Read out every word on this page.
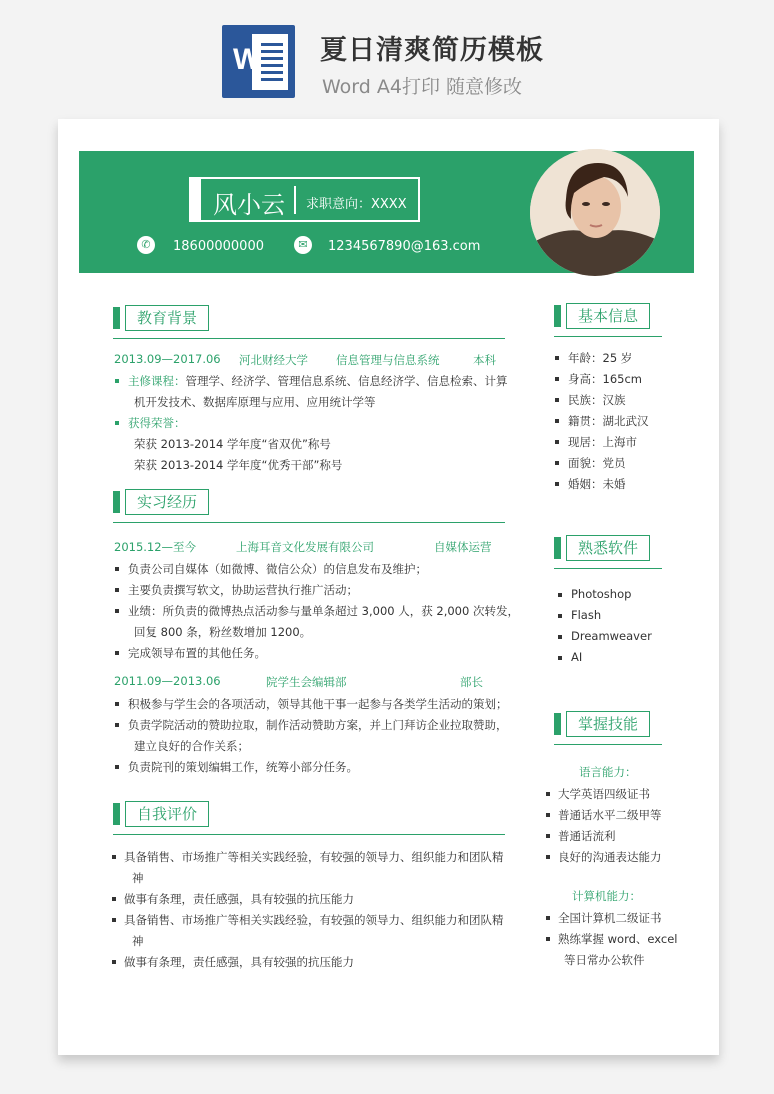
W 夏日清爽简历模板
Word A4打印 随意修改
风小云 求职意向：XXXX
✆	18600000000	✉	1234567890@163.com
教育背景
2013.09—2017.06 河北财经大学 信息管理与信息系统	本科
主修课程：管理学、经济学、管理信息系统、信息经济学、信息检索、计算
机开发技术、数据库原理与应用、应用统计学等
获得荣誉：
荣获 2013-2014 学年度“省双优”称号
荣获 2013-2014 学年度“优秀干部”称号
实习经历
2015.12—至今	上海耳音文化发展有限公司	自媒体运营
负责公司自媒体（如微博、微信公众）的信息发布及维护；
主要负责撰写软文，协助运营执行推广活动；
业绩：所负责的微博热点活动参与量单条超过 3,000 人，获 2,000 次转发，
回复 800 条，粉丝数增加 1200。
完成领导布置的其他任务。
2011.09—2013.06	院学生会编辑部	部长
积极参与学生会的各项活动，领导其他干事一起参与各类学生活动的策划；
负责学院活动的赞助拉取，制作活动赞助方案，并上门拜访企业拉取赞助，
建立良好的合作关系；
负责院刊的策划编辑工作，统筹小部分任务。
自我评价
具备销售、市场推广等相关实践经验，有较强的领导力、组织能力和团队精
神
做事有条理，责任感强，具有较强的抗压能力
具备销售、市场推广等相关实践经验，有较强的领导力、组织能力和团队精
神
做事有条理，责任感强，具有较强的抗压能力
基本信息
年龄：25 岁
身高：165cm
民族：汉族
籍贯：湖北武汉
现居：上海市
面貌：党员
婚姻：未婚
熟悉软件
Photoshop
Flash
Dreamweaver
AI
掌握技能
语言能力：
大学英语四级证书
普通话水平二级甲等
普通话流利
良好的沟通表达能力
计算机能力：
全国计算机二级证书
熟练掌握 word、excel
等日常办公软件
